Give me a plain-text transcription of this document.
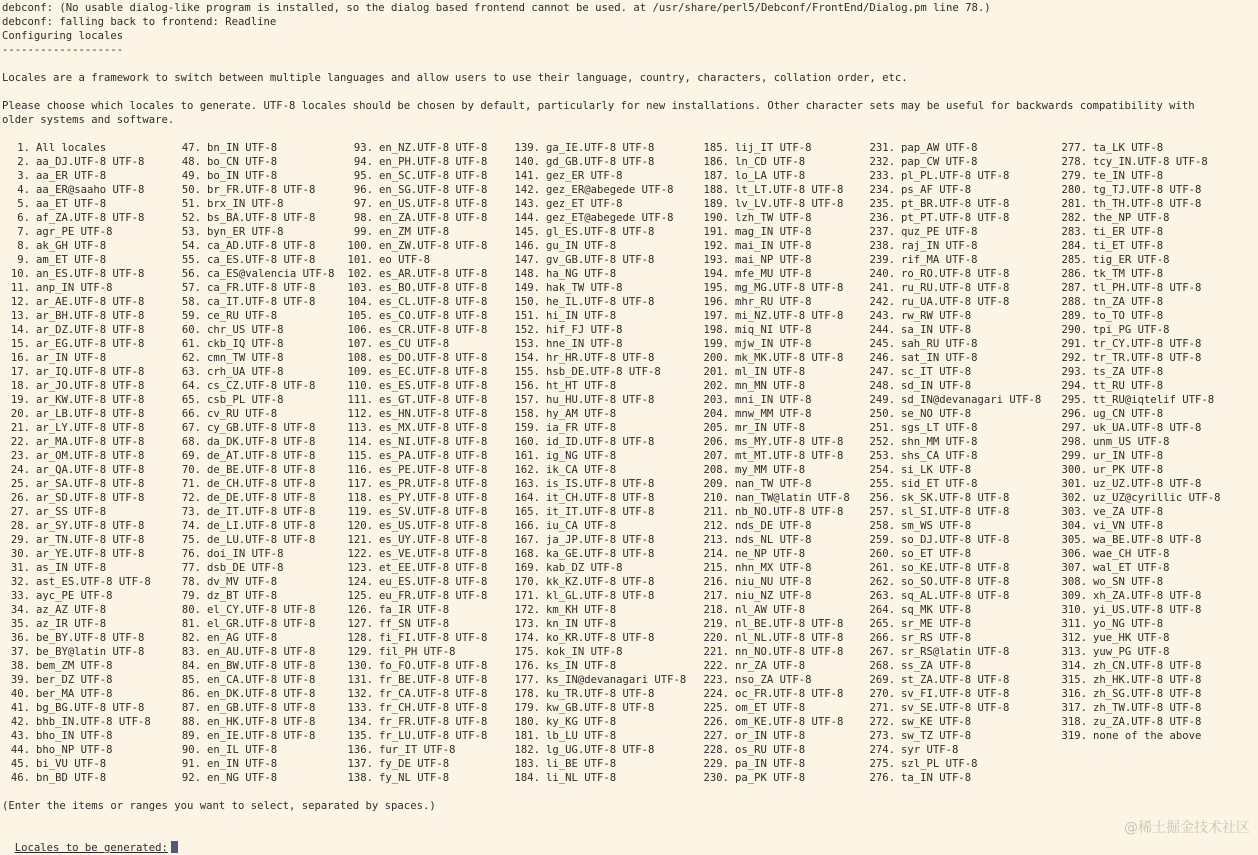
debconf: (No usable dialog-like program is installed, so the dialog based frontend cannot be used. at /usr/share/perl5/Debconf/FrontEnd/Dialog.pm line 78.)
debconf: falling back to frontend: Readline
Configuring locales
-------------------
Locales are a framework to switch between multiple languages and allow users to use their language, country, characters, collation order, etc.
Please choose which locales to generate. UTF-8 locales should be chosen by default, particularly for new installations. Other character sets may be useful for backwards compatibility with
older systems and software.
1. All locales
2. aa_DJ.UTF-8 UTF-8
3. aa_ER UTF-8
4. aa_ER@saaho UTF-8
5. aa_ET UTF-8
6. af_ZA.UTF-8 UTF-8
7. agr_PE UTF-8
8. ak_GH UTF-8
9. am_ET UTF-8
10. an_ES.UTF-8 UTF-8
11. anp_IN UTF-8
12. ar_AE.UTF-8 UTF-8
13. ar_BH.UTF-8 UTF-8
14. ar_DZ.UTF-8 UTF-8
15. ar_EG.UTF-8 UTF-8
16. ar_IN UTF-8
17. ar_IQ.UTF-8 UTF-8
18. ar_JO.UTF-8 UTF-8
19. ar_KW.UTF-8 UTF-8
20. ar_LB.UTF-8 UTF-8
21. ar_LY.UTF-8 UTF-8
22. ar_MA.UTF-8 UTF-8
23. ar_OM.UTF-8 UTF-8
24. ar_QA.UTF-8 UTF-8
25. ar_SA.UTF-8 UTF-8
26. ar_SD.UTF-8 UTF-8
27. ar_SS UTF-8
28. ar_SY.UTF-8 UTF-8
29. ar_TN.UTF-8 UTF-8
30. ar_YE.UTF-8 UTF-8
31. as_IN UTF-8
32. ast_ES.UTF-8 UTF-8
33. ayc_PE UTF-8
34. az_AZ UTF-8
35. az_IR UTF-8
36. be_BY.UTF-8 UTF-8
37. be_BY@latin UTF-8
38. bem_ZM UTF-8
39. ber_DZ UTF-8
40. ber_MA UTF-8
41. bg_BG.UTF-8 UTF-8
42. bhb_IN.UTF-8 UTF-8
43. bho_IN UTF-8
44. bho_NP UTF-8
45. bi_VU UTF-8
46. bn_BD UTF-8
47. bn_IN UTF-8
48. bo_CN UTF-8
49. bo_IN UTF-8
50. br_FR.UTF-8 UTF-8
51. brx_IN UTF-8
52. bs_BA.UTF-8 UTF-8
53. byn_ER UTF-8
54. ca_AD.UTF-8 UTF-8
55. ca_ES.UTF-8 UTF-8
56. ca_ES@valencia UTF-8
57. ca_FR.UTF-8 UTF-8
58. ca_IT.UTF-8 UTF-8
59. ce_RU UTF-8
60. chr_US UTF-8
61. ckb_IQ UTF-8
62. cmn_TW UTF-8
63. crh_UA UTF-8
64. cs_CZ.UTF-8 UTF-8
65. csb_PL UTF-8
66. cv_RU UTF-8
67. cy_GB.UTF-8 UTF-8
68. da_DK.UTF-8 UTF-8
69. de_AT.UTF-8 UTF-8
70. de_BE.UTF-8 UTF-8
71. de_CH.UTF-8 UTF-8
72. de_DE.UTF-8 UTF-8
73. de_IT.UTF-8 UTF-8
74. de_LI.UTF-8 UTF-8
75. de_LU.UTF-8 UTF-8
76. doi_IN UTF-8
77. dsb_DE UTF-8
78. dv_MV UTF-8
79. dz_BT UTF-8
80. el_CY.UTF-8 UTF-8
81. el_GR.UTF-8 UTF-8
82. en_AG UTF-8
83. en_AU.UTF-8 UTF-8
84. en_BW.UTF-8 UTF-8
85. en_CA.UTF-8 UTF-8
86. en_DK.UTF-8 UTF-8
87. en_GB.UTF-8 UTF-8
88. en_HK.UTF-8 UTF-8
89. en_IE.UTF-8 UTF-8
90. en_IL UTF-8
91. en_IN UTF-8
92. en_NG UTF-8
93. en_NZ.UTF-8 UTF-8
94. en_PH.UTF-8 UTF-8
95. en_SC.UTF-8 UTF-8
96. en_SG.UTF-8 UTF-8
97. en_US.UTF-8 UTF-8
98. en_ZA.UTF-8 UTF-8
99. en_ZM UTF-8
100. en_ZW.UTF-8 UTF-8
101. eo UTF-8
102. es_AR.UTF-8 UTF-8
103. es_BO.UTF-8 UTF-8
104. es_CL.UTF-8 UTF-8
105. es_CO.UTF-8 UTF-8
106. es_CR.UTF-8 UTF-8
107. es_CU UTF-8
108. es_DO.UTF-8 UTF-8
109. es_EC.UTF-8 UTF-8
110. es_ES.UTF-8 UTF-8
111. es_GT.UTF-8 UTF-8
112. es_HN.UTF-8 UTF-8
113. es_MX.UTF-8 UTF-8
114. es_NI.UTF-8 UTF-8
115. es_PA.UTF-8 UTF-8
116. es_PE.UTF-8 UTF-8
117. es_PR.UTF-8 UTF-8
118. es_PY.UTF-8 UTF-8
119. es_SV.UTF-8 UTF-8
120. es_US.UTF-8 UTF-8
121. es_UY.UTF-8 UTF-8
122. es_VE.UTF-8 UTF-8
123. et_EE.UTF-8 UTF-8
124. eu_ES.UTF-8 UTF-8
125. eu_FR.UTF-8 UTF-8
126. fa_IR UTF-8
127. ff_SN UTF-8
128. fi_FI.UTF-8 UTF-8
129. fil_PH UTF-8
130. fo_FO.UTF-8 UTF-8
131. fr_BE.UTF-8 UTF-8
132. fr_CA.UTF-8 UTF-8
133. fr_CH.UTF-8 UTF-8
134. fr_FR.UTF-8 UTF-8
135. fr_LU.UTF-8 UTF-8
136. fur_IT UTF-8
137. fy_DE UTF-8
138. fy_NL UTF-8
139. ga_IE.UTF-8 UTF-8
140. gd_GB.UTF-8 UTF-8
141. gez_ER UTF-8
142. gez_ER@abegede UTF-8
143. gez_ET UTF-8
144. gez_ET@abegede UTF-8
145. gl_ES.UTF-8 UTF-8
146. gu_IN UTF-8
147. gv_GB.UTF-8 UTF-8
148. ha_NG UTF-8
149. hak_TW UTF-8
150. he_IL.UTF-8 UTF-8
151. hi_IN UTF-8
152. hif_FJ UTF-8
153. hne_IN UTF-8
154. hr_HR.UTF-8 UTF-8
155. hsb_DE.UTF-8 UTF-8
156. ht_HT UTF-8
157. hu_HU.UTF-8 UTF-8
158. hy_AM UTF-8
159. ia_FR UTF-8
160. id_ID.UTF-8 UTF-8
161. ig_NG UTF-8
162. ik_CA UTF-8
163. is_IS.UTF-8 UTF-8
164. it_CH.UTF-8 UTF-8
165. it_IT.UTF-8 UTF-8
166. iu_CA UTF-8
167. ja_JP.UTF-8 UTF-8
168. ka_GE.UTF-8 UTF-8
169. kab_DZ UTF-8
170. kk_KZ.UTF-8 UTF-8
171. kl_GL.UTF-8 UTF-8
172. km_KH UTF-8
173. kn_IN UTF-8
174. ko_KR.UTF-8 UTF-8
175. kok_IN UTF-8
176. ks_IN UTF-8
177. ks_IN@devanagari UTF-8
178. ku_TR.UTF-8 UTF-8
179. kw_GB.UTF-8 UTF-8
180. ky_KG UTF-8
181. lb_LU UTF-8
182. lg_UG.UTF-8 UTF-8
183. li_BE UTF-8
184. li_NL UTF-8
185. lij_IT UTF-8
186. ln_CD UTF-8
187. lo_LA UTF-8
188. lt_LT.UTF-8 UTF-8
189. lv_LV.UTF-8 UTF-8
190. lzh_TW UTF-8
191. mag_IN UTF-8
192. mai_IN UTF-8
193. mai_NP UTF-8
194. mfe_MU UTF-8
195. mg_MG.UTF-8 UTF-8
196. mhr_RU UTF-8
197. mi_NZ.UTF-8 UTF-8
198. miq_NI UTF-8
199. mjw_IN UTF-8
200. mk_MK.UTF-8 UTF-8
201. ml_IN UTF-8
202. mn_MN UTF-8
203. mni_IN UTF-8
204. mnw_MM UTF-8
205. mr_IN UTF-8
206. ms_MY.UTF-8 UTF-8
207. mt_MT.UTF-8 UTF-8
208. my_MM UTF-8
209. nan_TW UTF-8
210. nan_TW@latin UTF-8
211. nb_NO.UTF-8 UTF-8
212. nds_DE UTF-8
213. nds_NL UTF-8
214. ne_NP UTF-8
215. nhn_MX UTF-8
216. niu_NU UTF-8
217. niu_NZ UTF-8
218. nl_AW UTF-8
219. nl_BE.UTF-8 UTF-8
220. nl_NL.UTF-8 UTF-8
221. nn_NO.UTF-8 UTF-8
222. nr_ZA UTF-8
223. nso_ZA UTF-8
224. oc_FR.UTF-8 UTF-8
225. om_ET UTF-8
226. om_KE.UTF-8 UTF-8
227. or_IN UTF-8
228. os_RU UTF-8
229. pa_IN UTF-8
230. pa_PK UTF-8
231. pap_AW UTF-8
232. pap_CW UTF-8
233. pl_PL.UTF-8 UTF-8
234. ps_AF UTF-8
235. pt_BR.UTF-8 UTF-8
236. pt_PT.UTF-8 UTF-8
237. quz_PE UTF-8
238. raj_IN UTF-8
239. rif_MA UTF-8
240. ro_RO.UTF-8 UTF-8
241. ru_RU.UTF-8 UTF-8
242. ru_UA.UTF-8 UTF-8
243. rw_RW UTF-8
244. sa_IN UTF-8
245. sah_RU UTF-8
246. sat_IN UTF-8
247. sc_IT UTF-8
248. sd_IN UTF-8
249. sd_IN@devanagari UTF-8
250. se_NO UTF-8
251. sgs_LT UTF-8
252. shn_MM UTF-8
253. shs_CA UTF-8
254. si_LK UTF-8
255. sid_ET UTF-8
256. sk_SK.UTF-8 UTF-8
257. sl_SI.UTF-8 UTF-8
258. sm_WS UTF-8
259. so_DJ.UTF-8 UTF-8
260. so_ET UTF-8
261. so_KE.UTF-8 UTF-8
262. so_SO.UTF-8 UTF-8
263. sq_AL.UTF-8 UTF-8
264. sq_MK UTF-8
265. sr_ME UTF-8
266. sr_RS UTF-8
267. sr_RS@latin UTF-8
268. ss_ZA UTF-8
269. st_ZA.UTF-8 UTF-8
270. sv_FI.UTF-8 UTF-8
271. sv_SE.UTF-8 UTF-8
272. sw_KE UTF-8
273. sw_TZ UTF-8
274. syr UTF-8
275. szl_PL UTF-8
276. ta_IN UTF-8
277. ta_LK UTF-8
278. tcy_IN.UTF-8 UTF-8
279. te_IN UTF-8
280. tg_TJ.UTF-8 UTF-8
281. th_TH.UTF-8 UTF-8
282. the_NP UTF-8
283. ti_ER UTF-8
284. ti_ET UTF-8
285. tig_ER UTF-8
286. tk_TM UTF-8
287. tl_PH.UTF-8 UTF-8
288. tn_ZA UTF-8
289. to_TO UTF-8
290. tpi_PG UTF-8
291. tr_CY.UTF-8 UTF-8
292. tr_TR.UTF-8 UTF-8
293. ts_ZA UTF-8
294. tt_RU UTF-8
295. tt_RU@iqtelif UTF-8
296. ug_CN UTF-8
297. uk_UA.UTF-8 UTF-8
298. unm_US UTF-8
299. ur_IN UTF-8
300. ur_PK UTF-8
301. uz_UZ.UTF-8 UTF-8
302. uz_UZ@cyrillic UTF-8
303. ve_ZA UTF-8
304. vi_VN UTF-8
305. wa_BE.UTF-8 UTF-8
306. wae_CH UTF-8
307. wal_ET UTF-8
308. wo_SN UTF-8
309. xh_ZA.UTF-8 UTF-8
310. yi_US.UTF-8 UTF-8
311. yo_NG UTF-8
312. yue_HK UTF-8
313. yuw_PG UTF-8
314. zh_CN.UTF-8 UTF-8
315. zh_HK.UTF-8 UTF-8
316. zh_SG.UTF-8 UTF-8
317. zh_TW.UTF-8 UTF-8
318. zu_ZA.UTF-8 UTF-8
319. none of the above
(Enter the items or ranges you want to select, separated by spaces.)

Locales to be generated:

@稀土掘金技术社区
